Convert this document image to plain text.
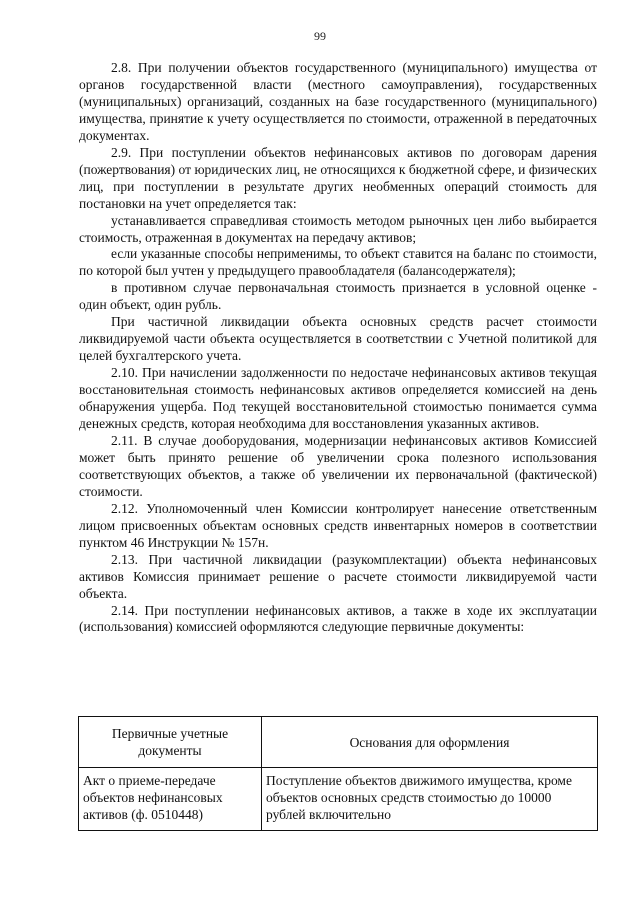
99

2.8. При получении объектов государственного (муниципального) имущества от органов государственной власти (местного самоуправления), государственных (муниципальных) организаций, созданных на базе государственного (муниципального) имущества, принятие к учету осуществляется по стоимости, отраженной в передаточных документах.

2.9. При поступлении объектов нефинансовых активов по договорам дарения (пожертвования) от юридических лиц, не относящихся к бюджетной сфере, и физических лиц, при поступлении в результате других необменных операций стоимость для постановки на учет определяется так:

устанавливается справедливая стоимость методом рыночных цен либо выбирается стоимость, отраженная в документах на передачу активов;

если указанные способы неприменимы, то объект ставится на баланс по стоимости, по которой был учтен у предыдущего правообладателя (балансодержателя);

в противном случае первоначальная стоимость признается в условной оценке - один объект, один рубль.

При частичной ликвидации объекта основных средств расчет стоимости ликвидируемой части объекта осуществляется в соответствии с Учетной политикой для целей бухгалтерского учета.

2.10. При начислении задолженности по недостаче нефинансовых активов текущая восстановительная стоимость нефинансовых активов определяется комиссией на день обнаружения ущерба. Под текущей восстановительной стоимостью понимается сумма денежных средств, которая необходима для восстановления указанных активов.

2.11. В случае дооборудования, модернизации нефинансовых активов Комиссией может быть принято решение об увеличении срока полезного использования соответствующих объектов, а также об увеличении их первоначальной (фактической) стоимости.

2.12. Уполномоченный член Комиссии контролирует нанесение ответственным лицом присвоенных объектам основных средств инвентарных номеров в соответствии пунктом 46 Инструкции № 157н.

2.13. При частичной ликвидации (разукомплектации) объекта нефинансовых активов Комиссия принимает решение о расчете стоимости ликвидируемой части объекта.

2.14. При поступлении нефинансовых активов, а также в ходе их эксплуатации (использования) комиссией оформляются следующие первичные документы:

Первичные учетные документы	Основания для оформления
Акт о приеме-передаче объектов нефинансовых активов (ф. 0510448)	Поступление объектов движимого имущества, кроме объектов основных средств стоимостью до 10000 рублей включительно
